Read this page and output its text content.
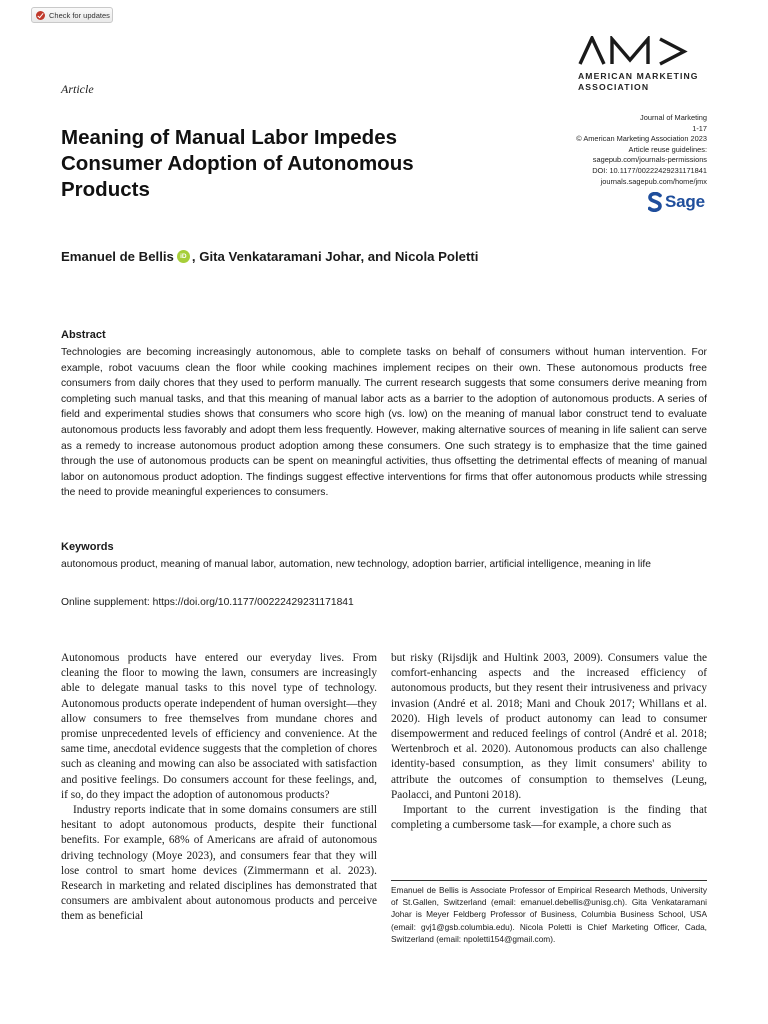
Check for updates
AMERICAN MARKETING
ASSOCIATION
Article
Meaning of Manual Labor Impedes Consumer Adoption of Autonomous Products
Journal of Marketing
1-17
© American Marketing Association 2023
Article reuse guidelines:
sagepub.com/journals-permissions
DOI: 10.1177/00222429231171841
journals.sagepub.com/home/jmx
Sage
Emanuel de Bellis iD , Gita Venkataramani Johar, and Nicola Poletti
Abstract

Technologies are becoming increasingly autonomous, able to complete tasks on behalf of consumers without human intervention. For example, robot vacuums clean the floor while cooking machines implement recipes on their own. These autonomous products free consumers from daily chores that they used to perform manually. The current research suggests that some consumers derive meaning from completing such manual tasks, and that this meaning of manual labor acts as a barrier to the adoption of autonomous products. A series of field and experimental studies shows that consumers who score high (vs. low) on the meaning of manual labor construct tend to evaluate autonomous products less favorably and adopt them less frequently. However, making alternative sources of meaning in life salient can serve as a remedy to increase autonomous product adoption among these consumers. One such strategy is to emphasize that the time gained through the use of autonomous products can be spent on meaningful activities, thus offsetting the detrimental effects of meaning of manual labor on autonomous product adoption. The findings suggest effective interventions for firms that offer autonomous products while stressing the need to provide meaningful experiences to consumers.

Keywords

autonomous product, meaning of manual labor, automation, new technology, adoption barrier, artificial intelligence, meaning in life

Online supplement: https://doi.org/10.1177/00222429231171841

Autonomous products have entered our everyday lives. From cleaning the floor to mowing the lawn, consumers are increasingly able to delegate manual tasks to this novel type of technology. Autonomous products operate independent of human oversight—they allow consumers to free themselves from mundane chores and promise unprecedented levels of efficiency and convenience. At the same time, anecdotal evidence suggests that the completion of chores such as cleaning and mowing can also be associated with satisfaction and positive feelings. Do consumers account for these feelings, and, if so, do they impact the adoption of autonomous products?

Industry reports indicate that in some domains consumers are still hesitant to adopt autonomous products, despite their functional benefits. For example, 68% of Americans are afraid of autonomous driving technology (Moye 2023), and consumers fear that they will lose control to smart home devices (Zimmermann et al. 2023). Research in marketing and related disciplines has demonstrated that consumers are ambivalent about autonomous products and perceive them as beneficial

but risky (Rijsdijk and Hultink 2003, 2009). Consumers value the comfort-enhancing aspects and the increased efficiency of autonomous products, but they resent their intrusiveness and privacy invasion (André et al. 2018; Mani and Chouk 2017; Whillans et al. 2020). High levels of product autonomy can lead to consumer disempowerment and reduced feelings of control (André et al. 2018; Wertenbroch et al. 2020). Autonomous products can also challenge identity-based consumption, as they limit consumers' ability to attribute the outcomes of consumption to themselves (Leung, Paolacci, and Puntoni 2018).

Important to the current investigation is the finding that completing a cumbersome task—for example, a chore such as

Emanuel de Bellis is Associate Professor of Empirical Research Methods, University of St.Gallen, Switzerland (email: emanuel.debellis@unisg.ch). Gita Venkataramani Johar is Meyer Feldberg Professor of Business, Columbia Business School, USA (email: gvj1@gsb.columbia.edu). Nicola Poletti is Chief Marketing Officer, Cada, Switzerland (email: npoletti154@gmail.com).
